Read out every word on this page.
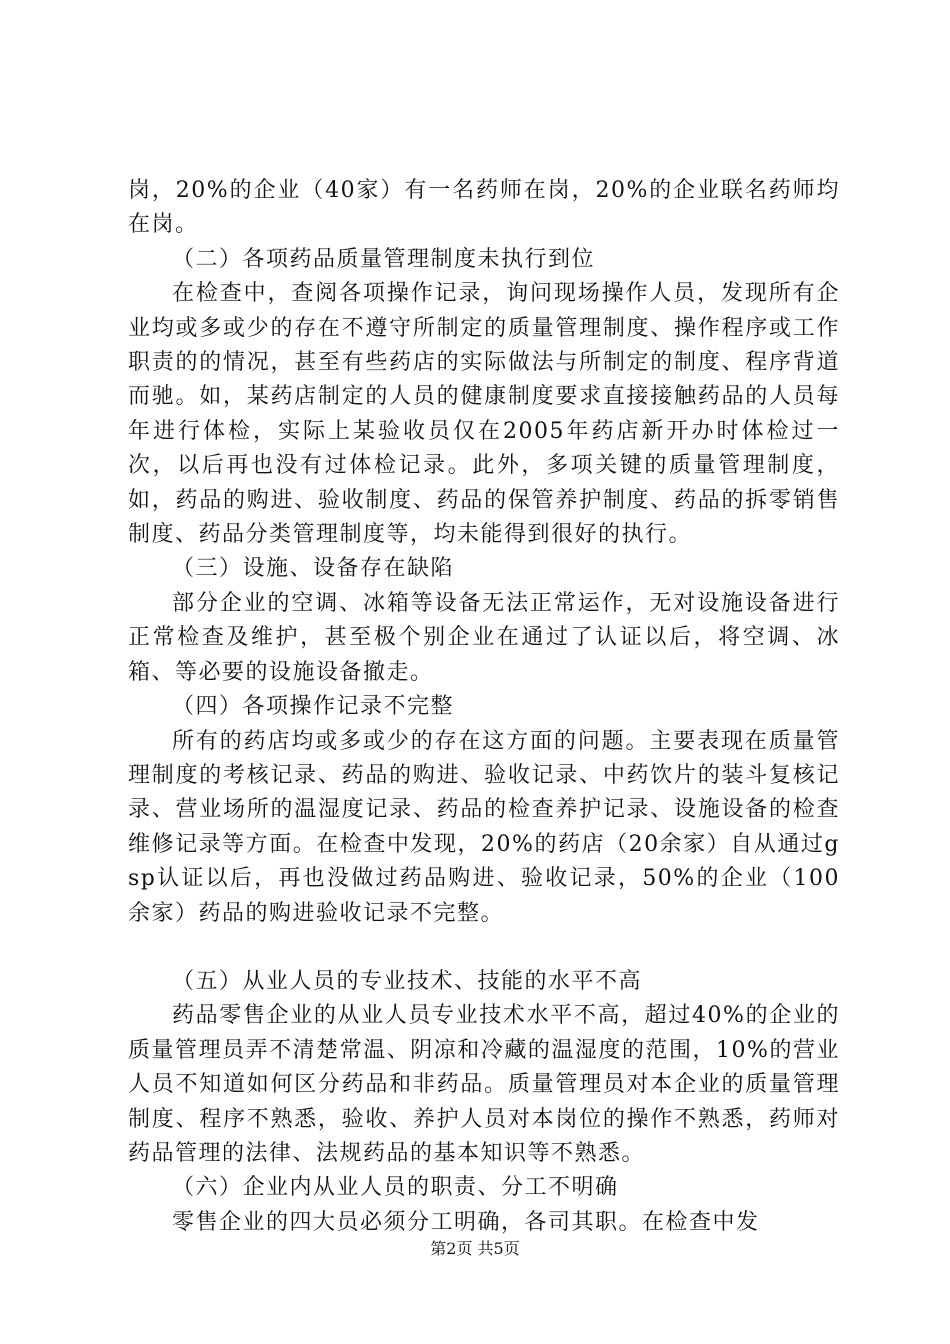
岗，20%的企业（40家）有一名药师在岗，20%的企业联名药师均在岗。

（二）各项药品质量管理制度未执行到位

在检查中，查阅各项操作记录，询问现场操作人员，发现所有企业均或多或少的存在不遵守所制定的质量管理制度、操作程序或工作职责的的情况，甚至有些药店的实际做法与所制定的制度、程序背道而驰。如，某药店制定的人员的健康制度要求直接接触药品的人员每年进行体检，实际上某验收员仅在2005年药店新开办时体检过一次，以后再也没有过体检记录。此外，多项关键的质量管理制度，如，药品的购进、验收制度、药品的保管养护制度、药品的拆零销售制度、药品分类管理制度等，均未能得到很好的执行。

（三）设施、设备存在缺陷

部分企业的空调、冰箱等设备无法正常运作，无对设施设备进行正常检查及维护，甚至极个别企业在通过了认证以后，将空调、冰箱、等必要的设施设备撤走。

（四）各项操作记录不完整

所有的药店均或多或少的存在这方面的问题。主要表现在质量管理制度的考核记录、药品的购进、验收记录、中药饮片的装斗复核记录、营业场所的温湿度记录、药品的检查养护记录、设施设备的检查维修记录等方面。在检查中发现，20%的药店（20余家）自从通过gsp认证以后，再也没做过药品购进、验收记录，50%的企业（100余家）药品的购进验收记录不完整。

（五）从业人员的专业技术、技能的水平不高

药品零售企业的从业人员专业技术水平不高，超过40%的企业的质量管理员弄不清楚常温、阴凉和冷藏的温湿度的范围，10%的营业人员不知道如何区分药品和非药品。质量管理员对本企业的质量管理制度、程序不熟悉，验收、养护人员对本岗位的操作不熟悉，药师对药品管理的法律、法规药品的基本知识等不熟悉。

（六）企业内从业人员的职责、分工不明确

零售企业的四大员必须分工明确，各司其职。在检查中发

第2页 共5页
